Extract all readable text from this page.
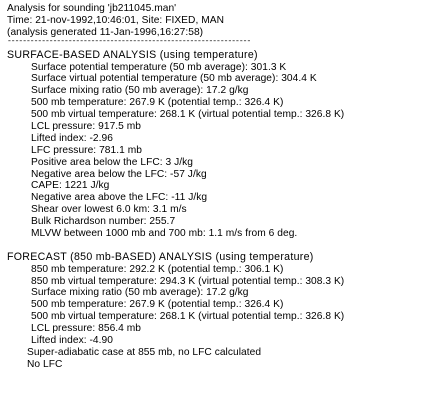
Analysis for sounding 'jb211045.man'
Time: 21-nov-1992,10:46:01, Site: FIXED, MAN
(analysis generated 11-Jan-1996,16:27:58)
----------------------------------------------------------------
SURFACE-BASED ANALYSIS (using temperature)
Surface potential temperature (50 mb average): 301.3 K
Surface virtual potential temperature (50 mb average): 304.4 K
Surface mixing ratio (50 mb average): 17.2 g/kg
500 mb temperature: 267.9 K (potential temp.: 326.4 K)
500 mb virtual temperature: 268.1 K (virtual potential temp.: 326.8 K)
LCL pressure: 917.5 mb
Lifted index: -2.96
LFC pressure: 781.1 mb
Positive area below the LFC: 3 J/kg
Negative area below the LFC: -57 J/kg
CAPE: 1221 J/kg
Negative area above the LFC: -11 J/kg
Shear over lowest 6.0 km: 3.1 m/s
Bulk Richardson number: 255.7
MLVW between 1000 mb and 700 mb: 1.1 m/s from 6 deg.
FORECAST (850 mb-BASED) ANALYSIS (using temperature)
850 mb temperature: 292.2 K (potential temp.: 306.1 K)
850 mb virtual temperature: 294.3 K (virtual potential temp.: 308.3 K)
Surface mixing ratio (50 mb average): 17.2 g/kg
500 mb temperature: 267.9 K (potential temp.: 326.4 K)
500 mb virtual temperature: 268.1 K (virtual potential temp.: 326.8 K)
LCL pressure: 856.4 mb
Lifted index: -4.90
Super-adiabatic case at 855 mb, no LFC calculated
No LFC
